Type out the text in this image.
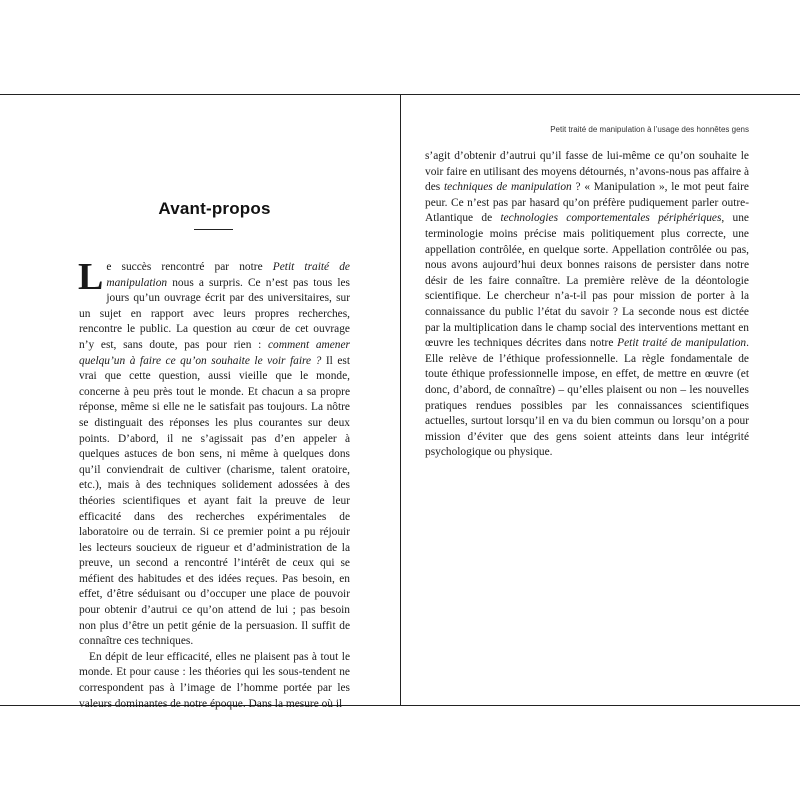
Avant-propos

L e succès rencontré par notre Petit traité de manipulation nous a surpris. Ce n’est pas tous les jours qu’un ouvrage écrit par des universitaires, sur un sujet en rapport avec leurs propres recherches, rencontre le public. La question au cœur de cet ouvrage n’y est, sans doute, pas pour rien : comment amener quelqu’un à faire ce qu’on souhaite le voir faire ? Il est vrai que cette question, aussi vieille que le monde, concerne à peu près tout le monde. Et chacun a sa propre réponse, même si elle ne le satisfait pas toujours. La nôtre se distinguait des réponses les plus courantes sur deux points. D’abord, il ne s’agissait pas d’en appeler à quelques astuces de bon sens, ni même à quelques dons qu’il conviendrait de cultiver (charisme, talent oratoire, etc.), mais à des techniques solidement adossées à des théories scientifiques et ayant fait la preuve de leur efficacité dans des recherches expérimentales de laboratoire ou de terrain. Si ce premier point a pu réjouir les lecteurs soucieux de rigueur et d’administration de la preuve, un second a rencontré l’intérêt de ceux qui se méfient des habitudes et des idées reçues. Pas besoin, en effet, d’être séduisant ou d’occuper une place de pouvoir pour obtenir d’autrui ce qu’on attend de lui ; pas besoin non plus d’être un petit génie de la persuasion. Il suffit de connaître ces techniques.

En dépit de leur efficacité, elles ne plaisent pas à tout le monde. Et pour cause : les théories qui les sous-tendent ne correspondent pas à l’image de l’homme portée par les valeurs dominantes de notre époque. Dans la mesure où il

Petit traité de manipulation à l’usage des honnêtes gens

s’agit d’obtenir d’autrui qu’il fasse de lui-même ce qu’on souhaite le voir faire en utilisant des moyens détournés, n’avons-nous pas affaire à des techniques de manipulation ? « Manipulation », le mot peut faire peur. Ce n’est pas par hasard qu’on préfère pudiquement parler outre-Atlantique de technologies comportementales périphériques, une terminologie moins précise mais politiquement plus correcte, une appellation contrôlée, en quelque sorte. Appellation contrôlée ou pas, nous avons aujourd’hui deux bonnes raisons de persister dans notre désir de les faire connaître. La première relève de la déontologie scientifique. Le chercheur n’a-t-il pas pour mission de porter à la connaissance du public l’état du savoir ? La seconde nous est dictée par la multiplication dans le champ social des interventions mettant en œuvre les techniques décrites dans notre Petit traité de manipulation. Elle relève de l’éthique professionnelle. La règle fondamentale de toute éthique professionnelle impose, en effet, de mettre en œuvre (et donc, d’abord, de connaître) – qu’elles plaisent ou non – les nouvelles pratiques rendues possibles par les connaissances scientifiques actuelles, surtout lorsqu’il en va du bien commun ou lorsqu’on a pour mission d’éviter que des gens soient atteints dans leur intégrité psychologique ou physique.
